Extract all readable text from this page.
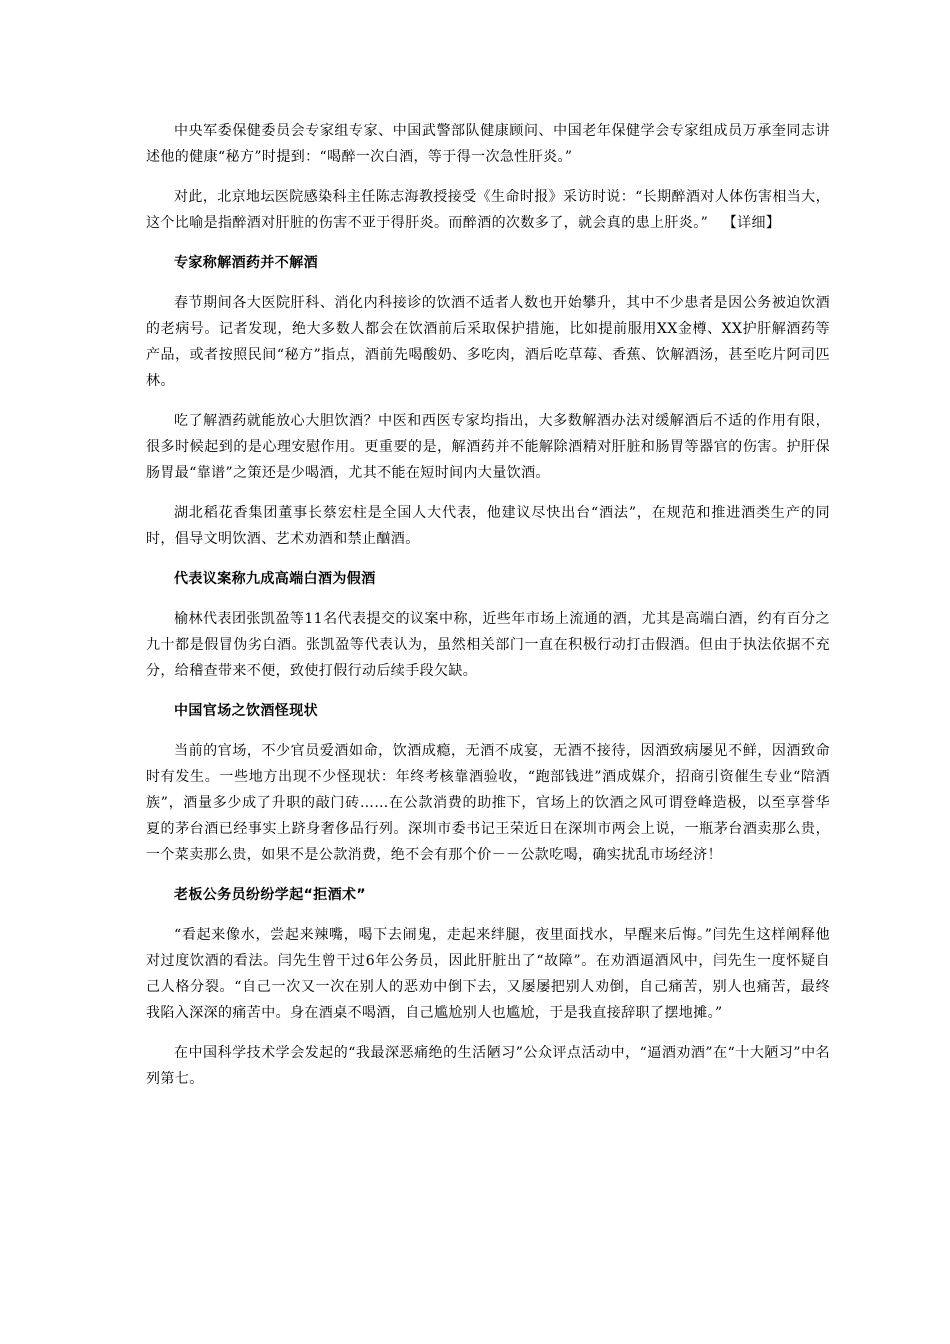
中央军委保健委员会专家组专家、中国武警部队健康顾问、中国老年保健学会专家组成员万承奎同志讲述他的健康“秘方”时提到：“喝醉一次白酒，等于得一次急性肝炎。”

对此，北京地坛医院感染科主任陈志海教授接受《生命时报》采访时说：“长期醉酒对人体伤害相当大，这个比喻是指醉酒对肝脏的伤害不亚于得肝炎。而醉酒的次数多了，就会真的患上肝炎。” 【详细】

专家称解酒药并不解酒

春节期间各大医院肝科、消化内科接诊的饮酒不适者人数也开始攀升，其中不少患者是因公务被迫饮酒的老病号。记者发现，绝大多数人都会在饮酒前后采取保护措施，比如提前服用XX金樽、XX护肝解酒药等产品，或者按照民间“秘方”指点，酒前先喝酸奶、多吃肉，酒后吃草莓、香蕉、饮解酒汤，甚至吃片阿司匹林。

吃了解酒药就能放心大胆饮酒？中医和西医专家均指出，大多数解酒办法对缓解酒后不适的作用有限，很多时候起到的是心理安慰作用。更重要的是，解酒药并不能解除酒精对肝脏和肠胃等器官的伤害。护肝保肠胃最“靠谱”之策还是少喝酒，尤其不能在短时间内大量饮酒。

湖北稻花香集团董事长蔡宏柱是全国人大代表，他建议尽快出台“酒法”，在规范和推进酒类生产的同时，倡导文明饮酒、艺术劝酒和禁止酗酒。

代表议案称九成高端白酒为假酒

榆林代表团张凯盈等11名代表提交的议案中称，近些年市场上流通的酒，尤其是高端白酒，约有百分之九十都是假冒伪劣白酒。张凯盈等代表认为，虽然相关部门一直在积极行动打击假酒。但由于执法依据不充分，给稽查带来不便，致使打假行动后续手段欠缺。

中国官场之饮酒怪现状

当前的官场，不少官员爱酒如命，饮酒成瘾，无酒不成宴，无酒不接待，因酒致病屡见不鲜，因酒致命时有发生。一些地方出现不少怪现状：年终考核靠酒验收，“跑部钱进”酒成媒介，招商引资催生专业“陪酒族”，酒量多少成了升职的敲门砖……在公款消费的助推下，官场上的饮酒之风可谓登峰造极，以至享誉华夏的茅台酒已经事实上跻身奢侈品行列。深圳市委书记王荣近日在深圳市两会上说，一瓶茅台酒卖那么贵，一个菜卖那么贵，如果不是公款消费，绝不会有那个价－－公款吃喝，确实扰乱市场经济！

老板公务员纷纷学起“拒酒术”

“看起来像水，尝起来辣嘴，喝下去闹鬼，走起来绊腿，夜里面找水，早醒来后悔。”闫先生这样阐释他对过度饮酒的看法。闫先生曾干过6年公务员，因此肝脏出了“故障”。在劝酒逼酒风中，闫先生一度怀疑自己人格分裂。“自己一次又一次在别人的恶劝中倒下去，又屡屡把别人劝倒，自己痛苦，别人也痛苦，最终我陷入深深的痛苦中。身在酒桌不喝酒，自己尴尬别人也尴尬，于是我直接辞职了摆地摊。”

在中国科学技术学会发起的“我最深恶痛绝的生活陋习”公众评点活动中，“逼酒劝酒”在“十大陋习”中名列第七。
